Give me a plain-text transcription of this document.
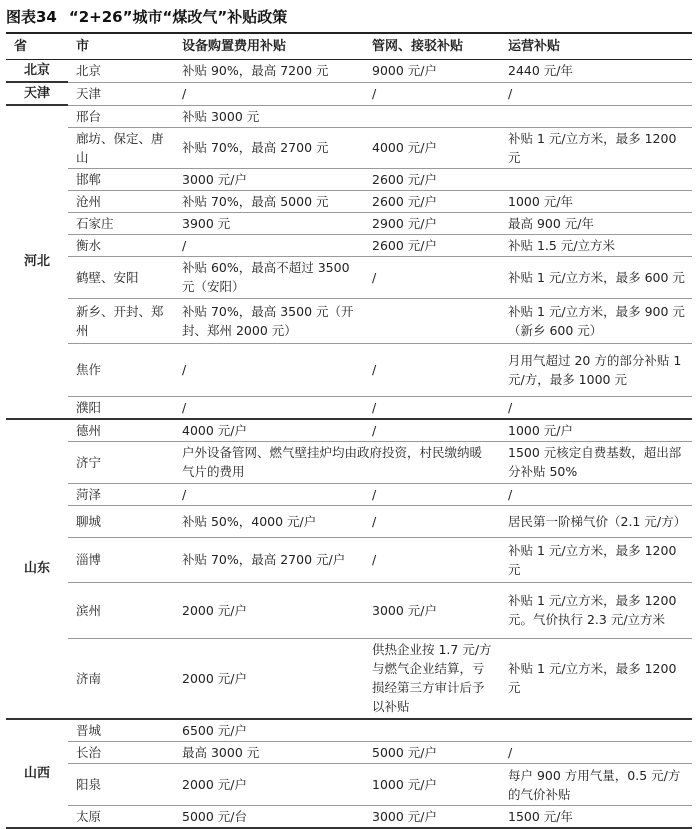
图表34 “2+26”城市“煤改气”补贴政策
省	市	设备购置费用补贴	管网、接驳补贴	运营补贴
北京	北京	补贴 90%，最高 7200 元	9000 元/户	2440 元/年
天津	天津	/	/	/
河北	邢台	补贴 3000 元		
	廊坊、保定、唐山	补贴 70%，最高 2700 元	4000 元/户	补贴 1 元/立方米，最多 1200 元
	邯郸	3000 元/户	2600 元/户	
	沧州	补贴 70%，最高 5000 元	2600 元/户	1000 元/年
	石家庄	3900 元	2900 元/户	最高 900 元/年
	衡水	/	2600 元/户	补贴 1.5 元/立方米
	鹤壁、安阳	补贴 60%，最高不超过 3500 元（安阳）	/	补贴 1 元/立方米，最多 600 元
	新乡、开封、郑州	补贴 70%，最高 3500 元（开封、郑州 2000 元）		补贴 1 元/立方米，最多 900 元（新乡 600 元）
	焦作	/	/	月用气超过 20 方的部分补贴 1 元/方，最多 1000 元
	濮阳	/	/	/
山东	德州	4000 元/户	/	1000 元/户
	济宁	户外设备管网、燃气壁挂炉均由政府投资，村民缴纳暖气片的费用		1500 元核定自费基数，超出部分补贴 50%
	菏泽	/	/	/
	聊城	补贴 50%，4000 元/户	/	居民第一阶梯气价（2.1 元/方）
	淄博	补贴 70%，最高 2700 元/户	/	补贴 1 元/立方米，最多 1200 元
	滨州	2000 元/户	3000 元/户	补贴 1 元/立方米，最多 1200 元。气价执行 2.3 元/立方米
	济南	2000 元/户	供热企业按 1.7 元/方与燃气企业结算，亏损经第三方审计后予以补贴	补贴 1 元/立方米，最多 1200 元
山西	晋城	6500 元/户		
	长治	最高 3000 元	5000 元/户	/
	阳泉	2000 元/户	1000 元/户	每户 900 方用气量，0.5 元/方的气价补贴
	太原	5000 元/台	3000 元/户	1500 元/年
